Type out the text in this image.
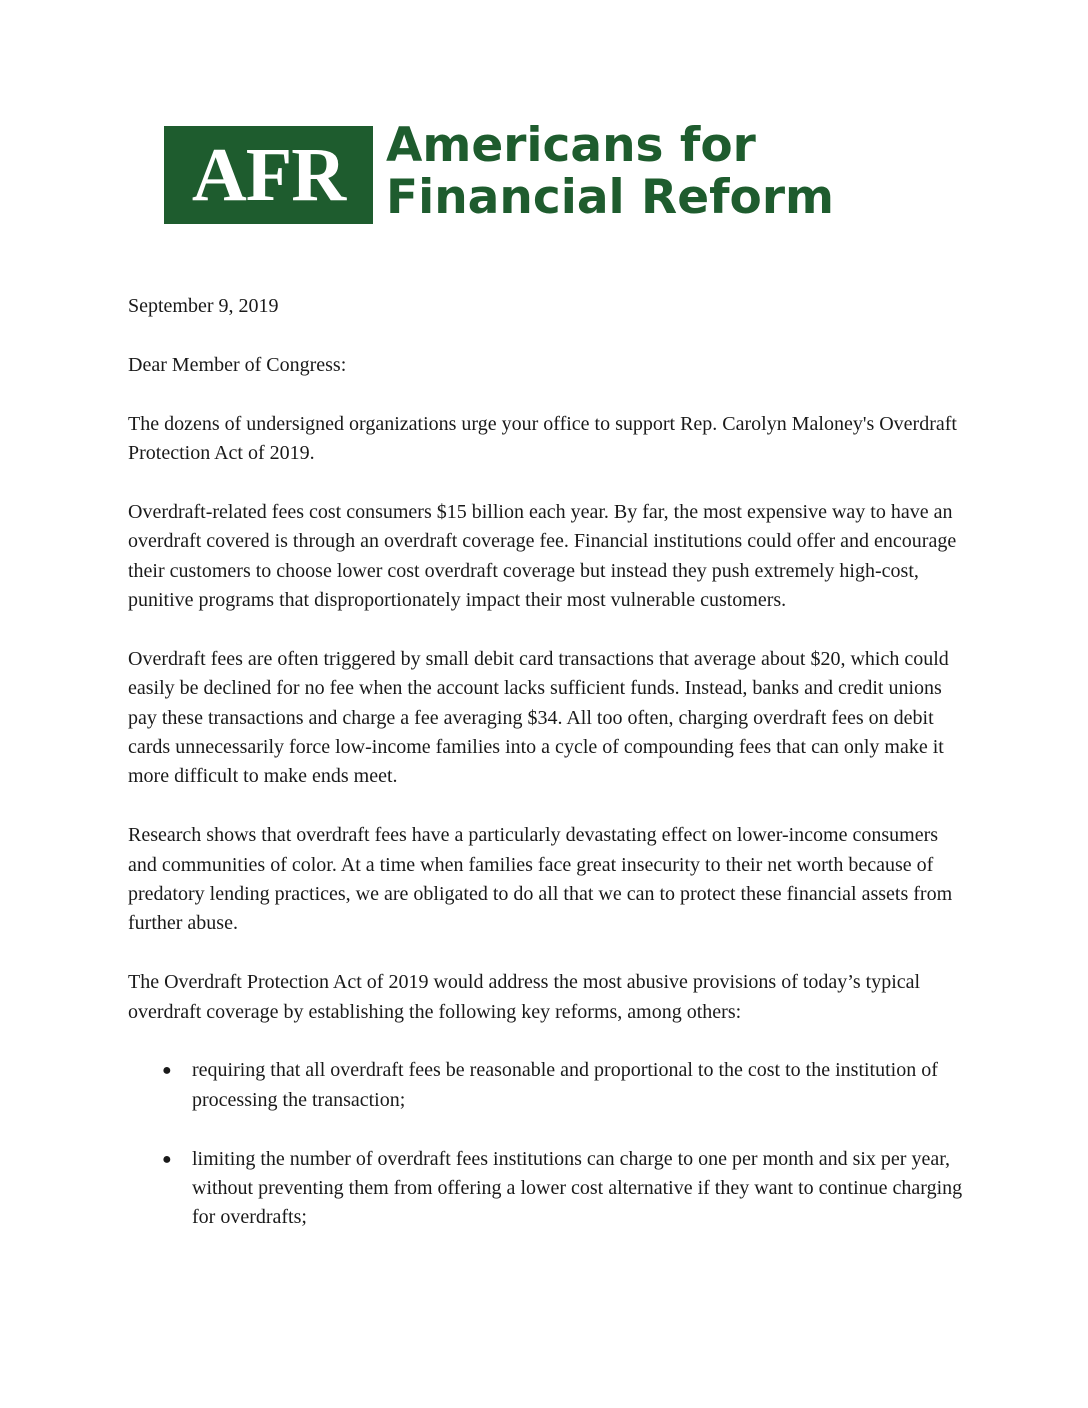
AFR Americans for
Financial Reform

September 9, 2019

Dear Member of Congress:

The dozens of undersigned organizations urge your office to support Rep. Carolyn Maloney's Overdraft Protection Act of 2019.

Overdraft-related fees cost consumers $15 billion each year. By far, the most expensive way to have an overdraft covered is through an overdraft coverage fee. Financial institutions could offer and encourage their customers to choose lower cost overdraft coverage but instead they push extremely high-cost, punitive programs that disproportionately impact their most vulnerable customers.

Overdraft fees are often triggered by small debit card transactions that average about $20, which could easily be declined for no fee when the account lacks sufficient funds. Instead, banks and credit unions pay these transactions and charge a fee averaging $34. All too often, charging overdraft fees on debit cards unnecessarily force low-income families into a cycle of compounding fees that can only make it more difficult to make ends meet.

Research shows that overdraft fees have a particularly devastating effect on lower-income consumers and communities of color. At a time when families face great insecurity to their net worth because of predatory lending practices, we are obligated to do all that we can to protect these financial assets from further abuse.

The Overdraft Protection Act of 2019 would address the most abusive provisions of today’s typical overdraft coverage by establishing the following key reforms, among others:

● requiring that all overdraft fees be reasonable and proportional to the cost to the institution of processing the transaction;
● limiting the number of overdraft fees institutions can charge to one per month and six per year, without preventing them from offering a lower cost alternative if they want to continue charging for overdrafts;
